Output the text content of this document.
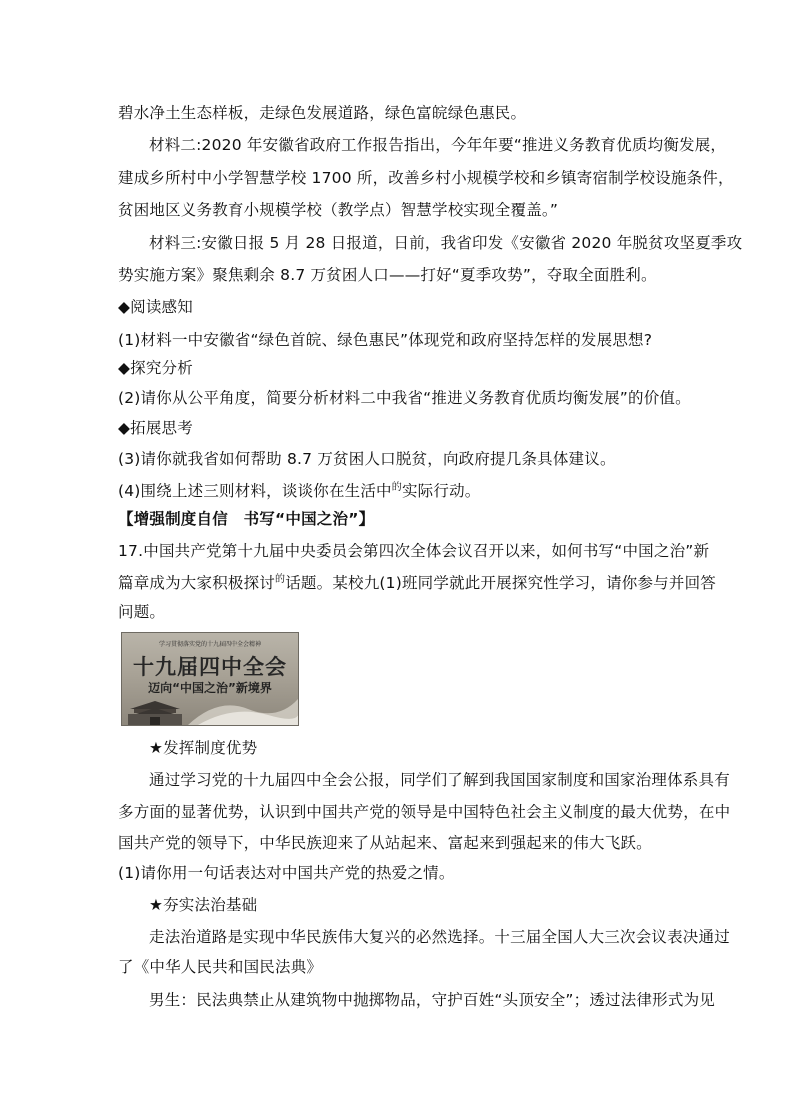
碧水净土生态样板，走绿色发展道路，绿色富皖绿色惠民。
材料二:2020 年安徽省政府工作报告指出，今年年要“推进义务教育优质均衡发展，
建成乡所村中小学智慧学校 1700 所，改善乡村小规模学校和乡镇寄宿制学校设施条件，
贫困地区义务教育小规模学校（教学点）智慧学校实现全覆盖。”
材料三:安徽日报 5 月 28 日报道，日前，我省印发《安徽省 2020 年脱贫攻坚夏季攻
势实施方案》聚焦剩余 8.7 万贫困人口——打好“夏季攻势”，夺取全面胜利。
◆阅读感知
(1)材料一中安徽省“绿色首皖、绿色惠民”体现党和政府坚持怎样的发展思想?
◆探究分析
(2)请你从公平角度，简要分析材料二中我省“推进义务教育优质均衡发展”的价值。
◆拓展思考
(3)请你就我省如何帮助 8.7 万贫困人口脱贫，向政府提几条具体建议。
(4)围绕上述三则材料，谈谈你在生活中$^的$实际行动。
【增强制度自信　书写“中国之治”】
17.中国共产党第十九届中央委员会第四次全体会议召开以来，如何书写“中国之治”新
篇章成为大家积极探讨$^的$话题。某校九(1)班同学就此开展探究性学习，请你参与并回答
问题。
学习贯彻落实党的十九届四中全会精神
十九届四中全会
迈向“中国之治”新境界
★发挥制度优势
通过学习党的十九届四中全会公报，同学们了解到我国国家制度和国家治理体系具有
多方面的显著优势，认识到中国共产党的领导是中国特色社会主义制度的最大优势，在中
国共产党的领导下，中华民族迎来了从站起来、富起来到强起来的伟大飞跃。
(1)请你用一句话表达对中国共产党的热爱之情。
★夯实法治基础
走法治道路是实现中华民族伟大复兴的必然选择。十三届全国人大三次会议表决通过
了《中华人民共和国民法典》
男生：民法典禁止从建筑物中抛掷物品，守护百姓“头顶安全”；透过法律形式为见
